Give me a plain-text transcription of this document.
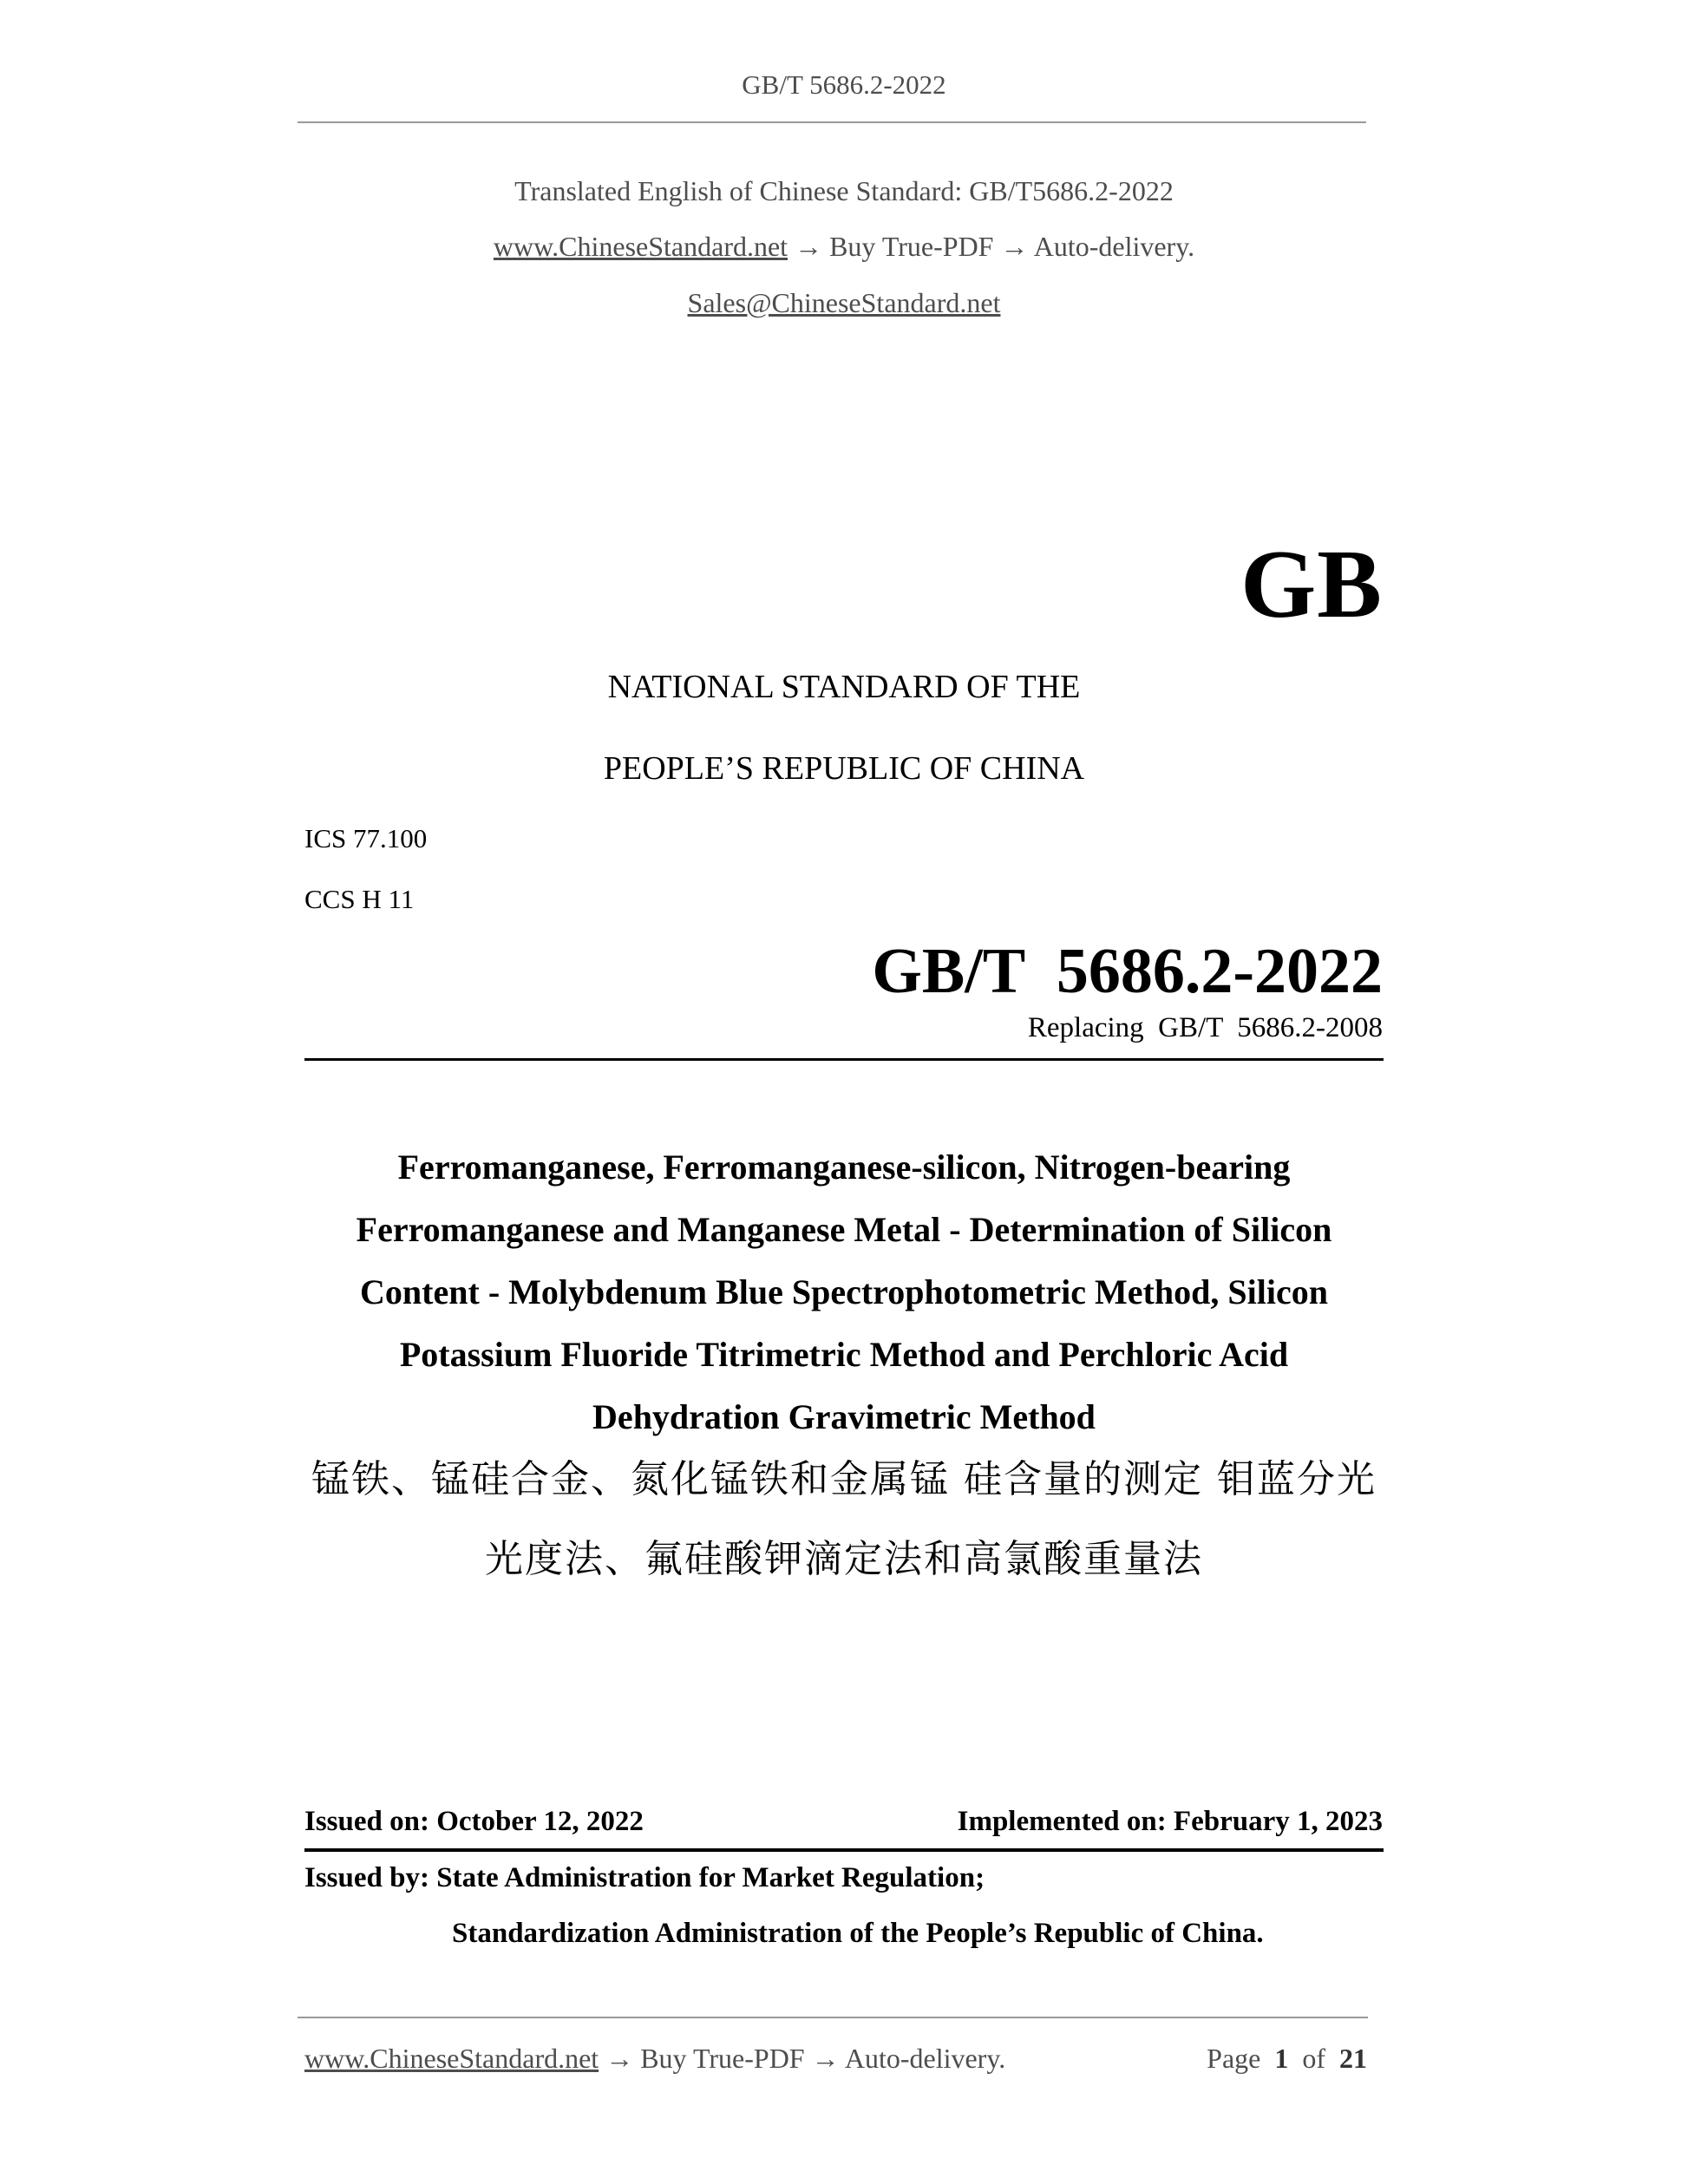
GB/T 5686.2-2022
Translated English of Chinese Standard: GB/T5686.2-2022
www.ChineseStandard.net → Buy True-PDF → Auto-delivery.
Sales@ChineseStandard.net
GB
NATIONAL STANDARD OF THE
PEOPLE’S REPUBLIC OF CHINA
ICS 77.100
CCS H 11
GB/T  5686.2-2022
Replacing  GB/T  5686.2-2008
Ferromanganese, Ferromanganese-silicon, Nitrogen-bearing
Ferromanganese and Manganese Metal - Determination of Silicon
Content - Molybdenum Blue Spectrophotometric Method, Silicon
Potassium Fluoride Titrimetric Method and Perchloric Acid
Dehydration Gravimetric Method
锰铁、锰硅合金、氮化锰铁和金属锰 硅含量的测定 钼蓝分光
光度法、氟硅酸钾滴定法和高氯酸重量法
Issued on: October 12, 2022	Implemented on: February 1, 2023
Issued by: State Administration for Market Regulation;
Standardization Administration of the People’s Republic of China.
www.ChineseStandard.net → Buy True-PDF → Auto-delivery.	Page 1 of 21
